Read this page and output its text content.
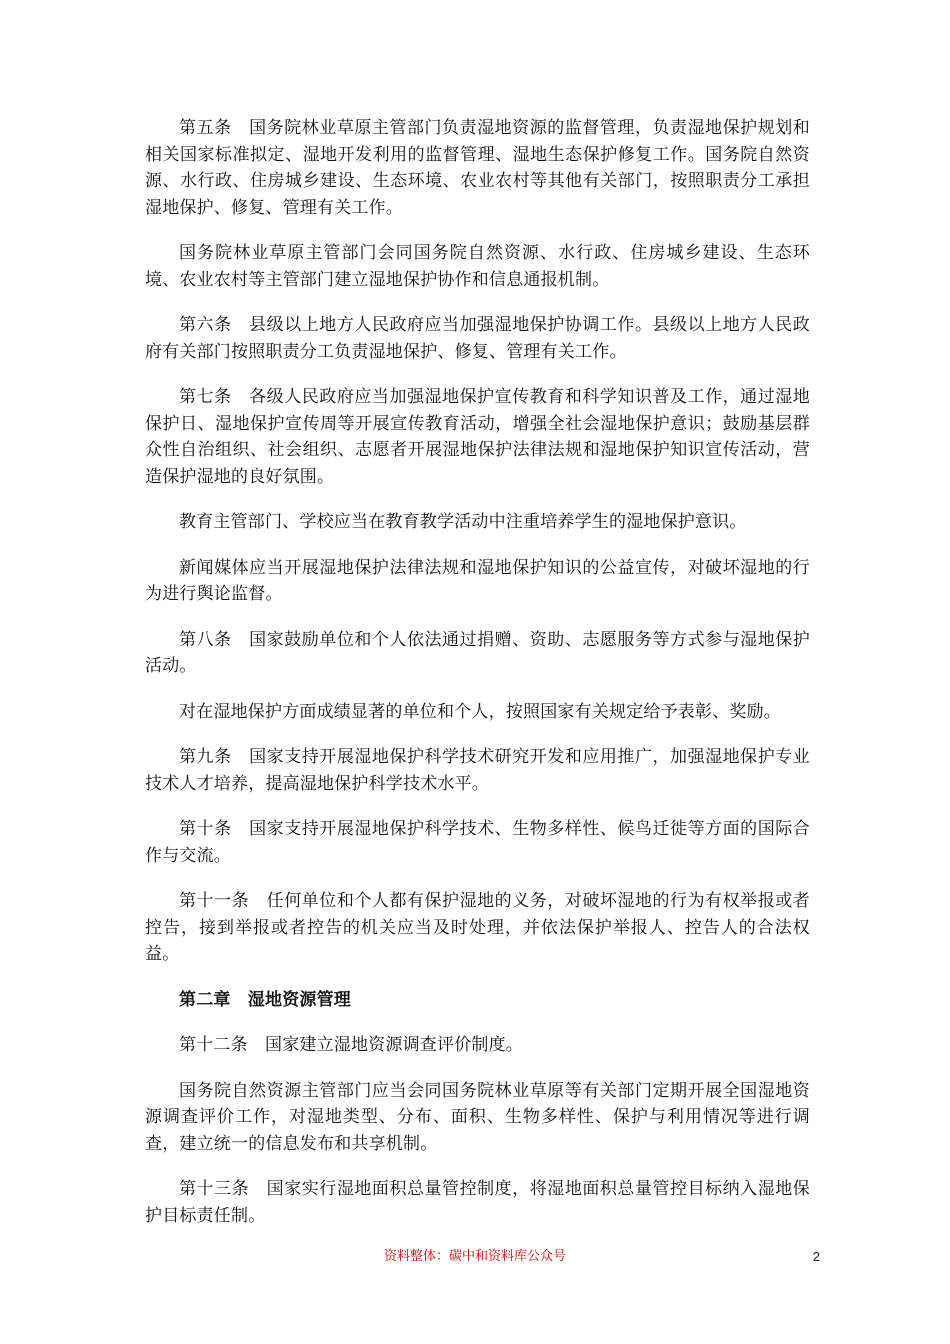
第五条　国务院林业草原主管部门负责湿地资源的监督管理，负责湿地保护规划和相关国家标准拟定、湿地开发利用的监督管理、湿地生态保护修复工作。国务院自然资源、水行政、住房城乡建设、生态环境、农业农村等其他有关部门，按照职责分工承担湿地保护、修复、管理有关工作。

国务院林业草原主管部门会同国务院自然资源、水行政、住房城乡建设、生态环境、农业农村等主管部门建立湿地保护协作和信息通报机制。

第六条　县级以上地方人民政府应当加强湿地保护协调工作。县级以上地方人民政府有关部门按照职责分工负责湿地保护、修复、管理有关工作。

第七条　各级人民政府应当加强湿地保护宣传教育和科学知识普及工作，通过湿地保护日、湿地保护宣传周等开展宣传教育活动，增强全社会湿地保护意识；鼓励基层群众性自治组织、社会组织、志愿者开展湿地保护法律法规和湿地保护知识宣传活动，营造保护湿地的良好氛围。

教育主管部门、学校应当在教育教学活动中注重培养学生的湿地保护意识。

新闻媒体应当开展湿地保护法律法规和湿地保护知识的公益宣传，对破坏湿地的行为进行舆论监督。

第八条　国家鼓励单位和个人依法通过捐赠、资助、志愿服务等方式参与湿地保护活动。

对在湿地保护方面成绩显著的单位和个人，按照国家有关规定给予表彰、奖励。

第九条　国家支持开展湿地保护科学技术研究开发和应用推广，加强湿地保护专业技术人才培养，提高湿地保护科学技术水平。

第十条　国家支持开展湿地保护科学技术、生物多样性、候鸟迁徙等方面的国际合作与交流。

第十一条　任何单位和个人都有保护湿地的义务，对破坏湿地的行为有权举报或者控告，接到举报或者控告的机关应当及时处理，并依法保护举报人、控告人的合法权益。

第二章　湿地资源管理

第十二条　国家建立湿地资源调查评价制度。

国务院自然资源主管部门应当会同国务院林业草原等有关部门定期开展全国湿地资源调查评价工作，对湿地类型、分布、面积、生物多样性、保护与利用情况等进行调查，建立统一的信息发布和共享机制。

第十三条　国家实行湿地面积总量管控制度，将湿地面积总量管控目标纳入湿地保护目标责任制。

资料整体：碳中和资料库公众号	2
